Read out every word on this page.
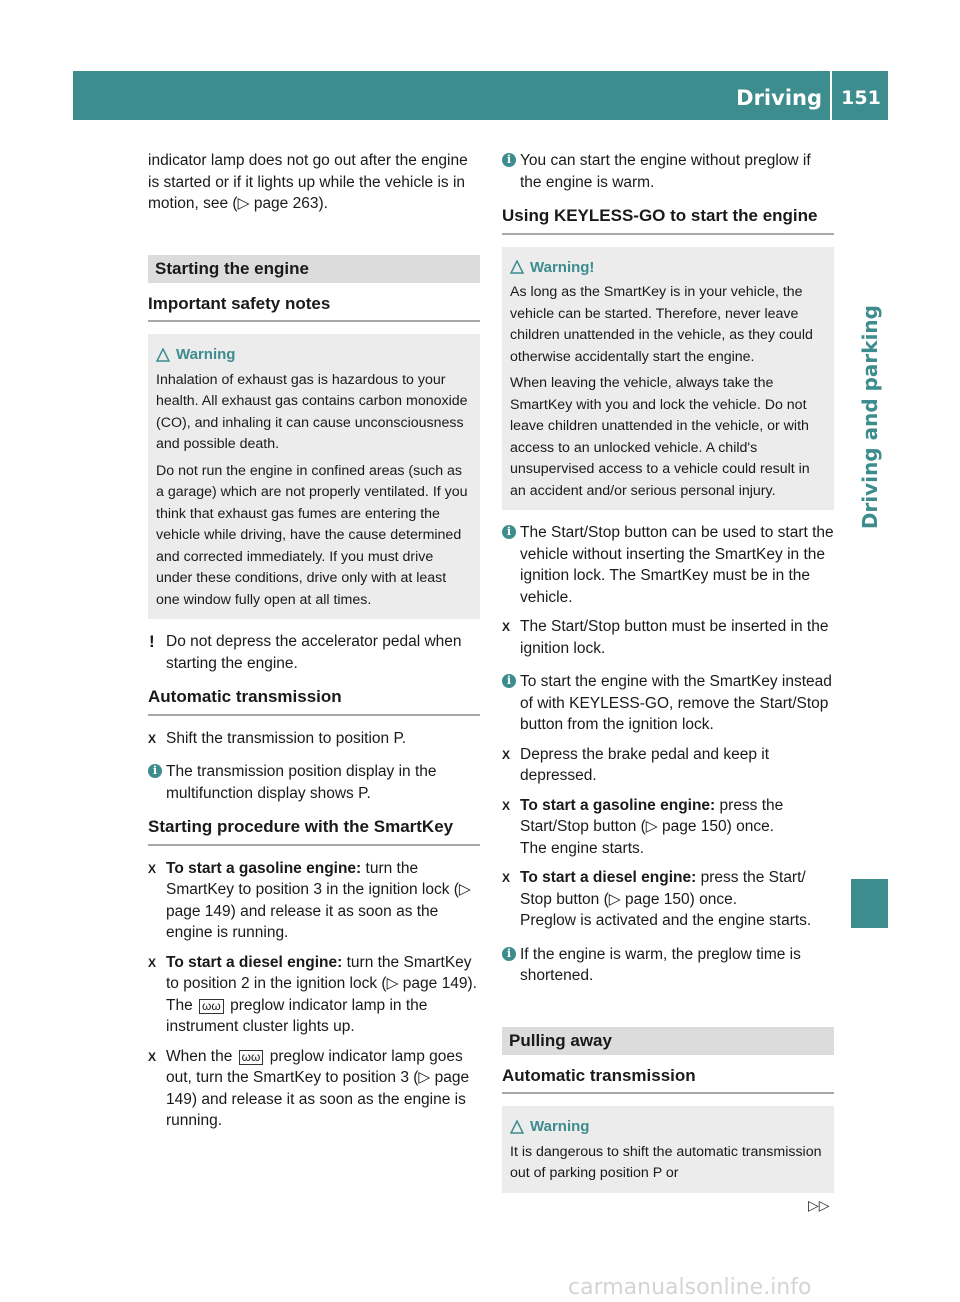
Driving	151
Driving and parking

indicator lamp does not go out after the engine is started or if it lights up while the vehicle is in motion, see (▷ page 263).

Starting the engine
Important safety notes
Warning

Inhalation of exhaust gas is hazardous to your health. All exhaust gas contains carbon monoxide (CO), and inhaling it can cause unconsciousness and possible death.

Do not run the engine in confined areas (such as a garage) which are not properly ventilated. If you think that exhaust gas fumes are entering the vehicle while driving, have the cause determined and corrected immediately. If you must drive under these conditions, drive only with at least one window fully open at all times.

! Do not depress the accelerator pedal when starting the engine.
Automatic transmission
X Shift the transmission to position P.
i The transmission position display in the multifunction display shows P.
Starting procedure with the SmartKey
X To start a gasoline engine: turn the SmartKey to position 3 in the ignition lock (▷ page 149) and release it as soon as the engine is running.
X To start a diesel engine: turn the SmartKey to position 2 in the ignition lock (▷ page 149).
The ωω preglow indicator lamp in the instrument cluster lights up.
X When the ωω preglow indicator lamp goes out, turn the SmartKey to position 3 (▷ page 149) and release it as soon as the engine is running.
i You can start the engine without preglow if the engine is warm.
Using KEYLESS-GO to start the engine
Warning!

As long as the SmartKey is in your vehicle, the vehicle can be started. Therefore, never leave children unattended in the vehicle, as they could otherwise accidentally start the engine.

When leaving the vehicle, always take the SmartKey with you and lock the vehicle. Do not leave children unattended in the vehicle, or with access to an unlocked vehicle. A child's unsupervised access to a vehicle could result in an accident and/or serious personal injury.

i The Start/Stop button can be used to start the vehicle without inserting the SmartKey in the ignition lock. The SmartKey must be in the vehicle.
X The Start/Stop button must be inserted in the ignition lock.
i To start the engine with the SmartKey instead of with KEYLESS-GO, remove the Start/Stop button from the ignition lock.
X Depress the brake pedal and keep it depressed.
X To start a gasoline engine: press the Start/Stop button (▷ page 150) once.
The engine starts.
X To start a diesel engine: press the Start/ Stop button (▷ page 150) once.
Preglow is activated and the engine starts.
i If the engine is warm, the preglow time is shortened.
Pulling away
Automatic transmission
Warning

It is dangerous to shift the automatic transmission out of parking position P or

▷▷
carmanualsonline.info
